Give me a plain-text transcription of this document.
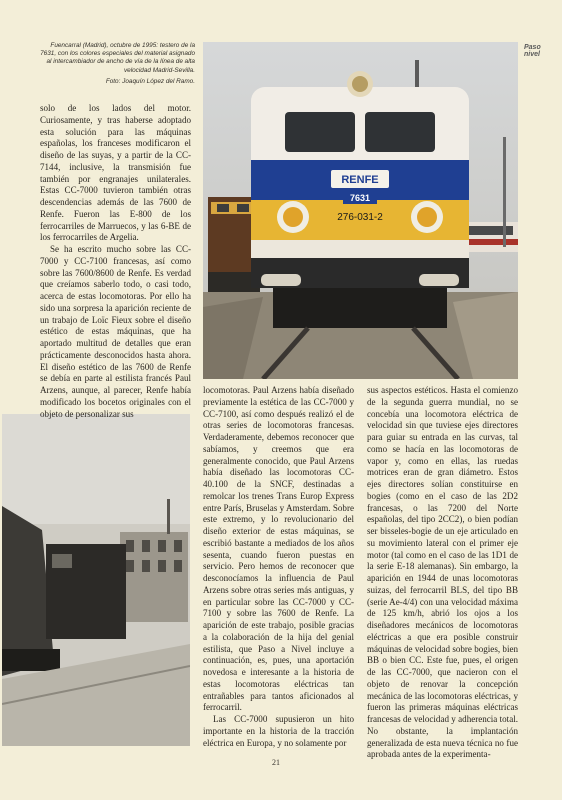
Paso
nivel
Fuencarral (Madrid), octubre de 1995: testero de la 7631, con los colores especiales del material asignado al intercambiador de ancho de vía de la línea de alta velocidad Madrid-Sevilla.
Foto: Joaquín López del Ramo.
RENFE
7631
276-031-2

solo de los lados del motor. Curiosamente, y tras haberse adoptado esta solución para las máquinas españolas, los franceses modificaron el diseño de las suyas, y a partir de la CC-7144, inclusive, la transmisión fue también por engranajes unilaterales. Estas CC-7000 tuvieron también otras descendencias además de las 7600 de Renfe. Fueron las E-800 de los ferrocarriles de Marruecos, y las 6-BE de los ferrocarriles de Argelia.

Se ha escrito mucho sobre las CC-7000 y CC-7100 francesas, así como sobre las 7600/8600 de Renfe. Es verdad que creíamos saberlo todo, o casi todo, acerca de estas locomotoras. Por ello ha sido una sorpresa la aparición reciente de un trabajo de Loïc Fieux sobre el diseño estético de estas máquinas, que ha aportado multitud de detalles que eran prácticamente desconocidos hasta ahora. El diseño estético de las 7600 de Renfe se debía en parte al estilista francés Paul Arzens, aunque, al parecer, Renfe había modificado los bocetos originales con el objeto de personalizar sus

locomotoras. Paul Arzens había diseñado previamente la estética de las CC-7000 y CC-7100, así como después realizó el de otras series de locomotoras francesas. Verdaderamente, debemos reconocer que sabíamos, y creemos que era generalmente conocido, que Paul Arzens había diseñado las locomotoras CC-40.100 de la SNCF, destinadas a remolcar los trenes Trans Europ Express entre París, Bruselas y Amsterdam. Sobre este extremo, y lo revolucionario del diseño exterior de estas máquinas, se escribió bastante a mediados de los años sesenta, cuando fueron puestas en servicio. Pero hemos de reconocer que desconocíamos la influencia de Paul Arzens sobre otras series más antiguas, y en particular sobre las CC-7000 y CC-7100 y sobre las 7600 de Renfe. La aparición de este trabajo, posible gracias a la colaboración de la hija del genial estilista, que Paso a Nivel incluye a continuación, es, pues, una aportación novedosa e interesante a la historia de estas locomotoras eléctricas tan entrañables para tantos aficionados al ferrocarril.

Las CC-7000 supusieron un hito importante en la historia de la tracción eléctrica en Europa, y no solamente por

sus aspectos estéticos. Hasta el comienzo de la segunda guerra mundial, no se concebía una locomotora eléctrica de velocidad sin que tuviese ejes directores para guiar su entrada en las curvas, tal como se hacía en las locomotoras de vapor y, como en ellas, las ruedas motrices eran de gran diámetro. Estos ejes directores solían constituirse en bogies (como en el caso de las 2D2 francesas, o las 7200 del Norte españolas, del tipo 2CC2), o bien podían ser bisseles-bogie de un eje articulado en su movimiento lateral con el primer eje motor (tal como en el caso de las 1D1 de la serie E-18 alemanas). Sin embargo, la aparición en 1944 de unas locomotoras suizas, del ferrocarril BLS, del tipo BB (serie Ae-4/4) con una velocidad máxima de 125 km/h, abrió los ojos a los diseñadores mecánicos de locomotoras eléctricas a que era posible construir máquinas de velocidad sobre bogies, bien BB o bien CC. Este fue, pues, el origen de las CC-7000, que nacieron con el objeto de renovar la concepción mecánica de las locomotoras eléctricas, y fueron las primeras máquinas eléctricas francesas de velocidad y adherencia total. No obstante, la implantación generalizada de esta nueva técnica no fue aprobada antes de la experimenta-

21
